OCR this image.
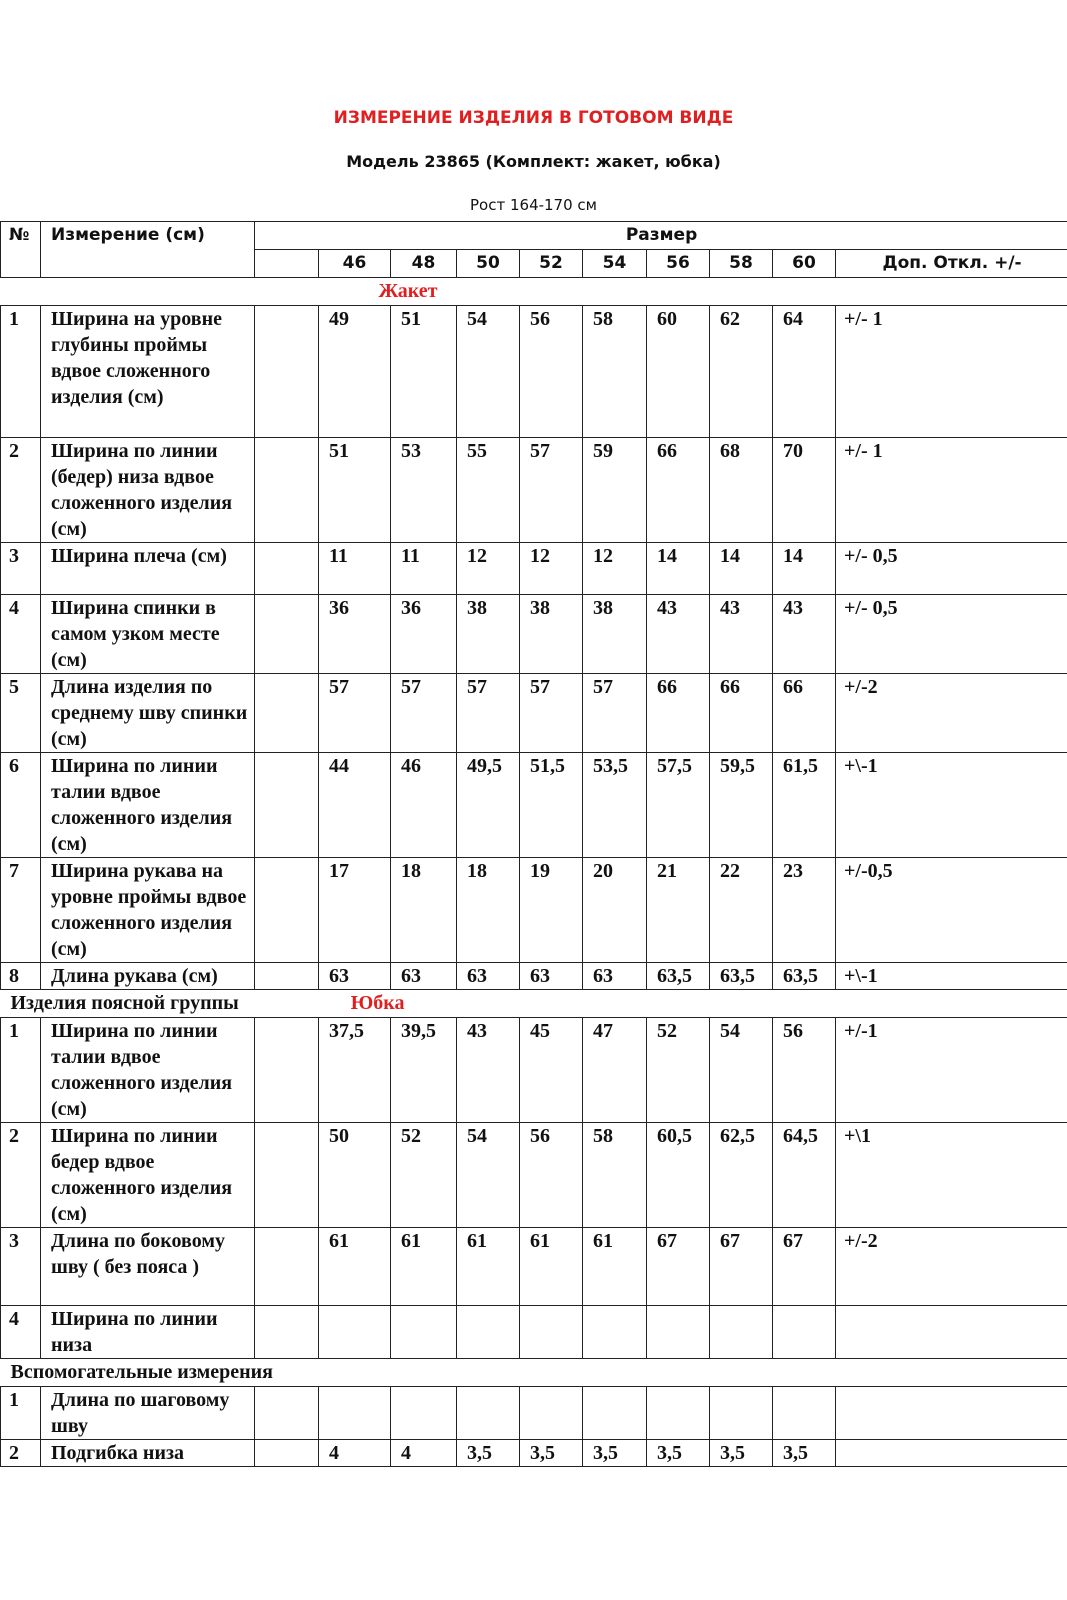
ИЗМЕРЕНИЕ ИЗДЕЛИЯ В ГОТОВОМ ВИДЕ
Модель 23865 (Комплект: жакет, юбка)
Рост 164-170 см
№	Измерение (см)	Размер									
			46	48	50	52	54	56	58	60	Доп. Откл. +/-
Жакет											
1	Ширина на уровне глубины проймы вдвое сложенного изделия (см)		49	51	54	56	58	60	62	64	+/- 1
2	Ширина по линии (бедер) низа вдвое сложенного изделия (см)		51	53	55	57	59	66	68	70	+/- 1
3	Ширина плеча (см)		11	11	12	12	12	14	14	14	+/- 0,5
4	Ширина спинки в самом узком месте (см)		36	36	38	38	38	43	43	43	+/- 0,5
5	Длина изделия по среднему шву спинки (см)		57	57	57	57	57	66	66	66	+/-2
6	Ширина по линии талии вдвое сложенного изделия (см)		44	46	49,5	51,5	53,5	57,5	59,5	61,5	+\-1
7	Ширина рукава на уровне проймы вдвое сложенного изделия (см)		17	18	18	19	20	21	22	23	+/-0,5
8	Длина рукава (см)		63	63	63	63	63	63,5	63,5	63,5	+\-1
Изделия поясной группы Юбка											
1	Ширина по линии талии вдвое сложенного изделия (см)		37,5	39,5	43	45	47	52	54	56	+/-1
2	Ширина по линии бедер вдвое сложенного изделия (см)		50	52	54	56	58	60,5	62,5	64,5	+\1
3	Длина по боковому шву ( без пояса )		61	61	61	61	61	67	67	67	+/-2
4	Ширина по линии низа										
Вспомогательные измерения											
1	Длина по шаговому шву										
2	Подгибка низа		4	4	3,5	3,5	3,5	3,5	3,5	3,5	
